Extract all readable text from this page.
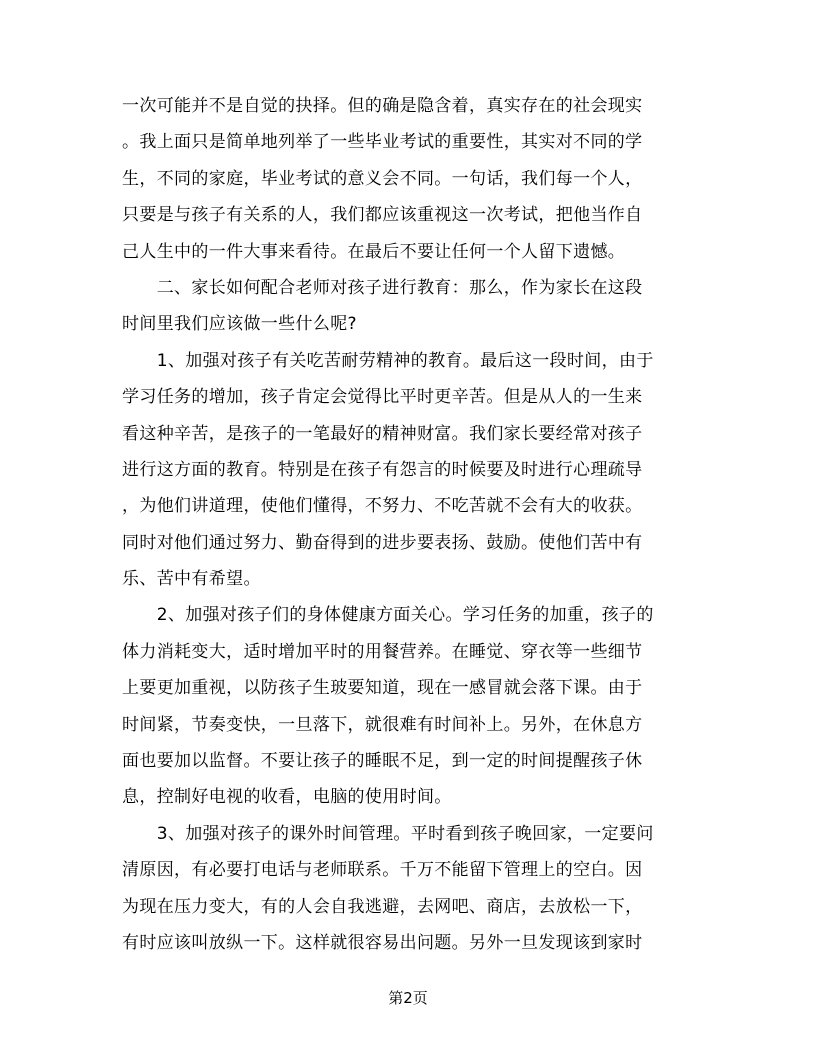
一次可能并不是自觉的抉择。但的确是隐含着，真实存在的社会现实
。我上面只是简单地列举了一些毕业考试的重要性，其实对不同的学
生，不同的家庭，毕业考试的意义会不同。一句话，我们每一个人，
只要是与孩子有关系的人，我们都应该重视这一次考试，把他当作自
己人生中的一件大事来看待。在最后不要让任何一个人留下遗憾。
　　二、家长如何配合老师对孩子进行教育：那么，作为家长在这段
时间里我们应该做一些什么呢?
　　1、加强对孩子有关吃苦耐劳精神的教育。最后这一段时间，由于
学习任务的增加，孩子肯定会觉得比平时更辛苦。但是从人的一生来
看这种辛苦，是孩子的一笔最好的精神财富。我们家长要经常对孩子
进行这方面的教育。特别是在孩子有怨言的时候要及时进行心理疏导
，为他们讲道理，使他们懂得，不努力、不吃苦就不会有大的收获。
同时对他们通过努力、勤奋得到的进步要表扬、鼓励。使他们苦中有
乐、苦中有希望。
　　2、加强对孩子们的身体健康方面关心。学习任务的加重，孩子的
体力消耗变大，适时增加平时的用餐营养。在睡觉、穿衣等一些细节
上要更加重视，以防孩子生玻要知道，现在一感冒就会落下课。由于
时间紧，节奏变快，一旦落下，就很难有时间补上。另外，在休息方
面也要加以监督。不要让孩子的睡眠不足，到一定的时间提醒孩子休
息，控制好电视的收看，电脑的使用时间。
　　3、加强对孩子的课外时间管理。平时看到孩子晚回家，一定要问
清原因，有必要打电话与老师联系。千万不能留下管理上的空白。因
为现在压力变大，有的人会自我逃避，去网吧、商店，去放松一下，
有时应该叫放纵一下。这样就很容易出问题。另外一旦发现该到家时
第2页
